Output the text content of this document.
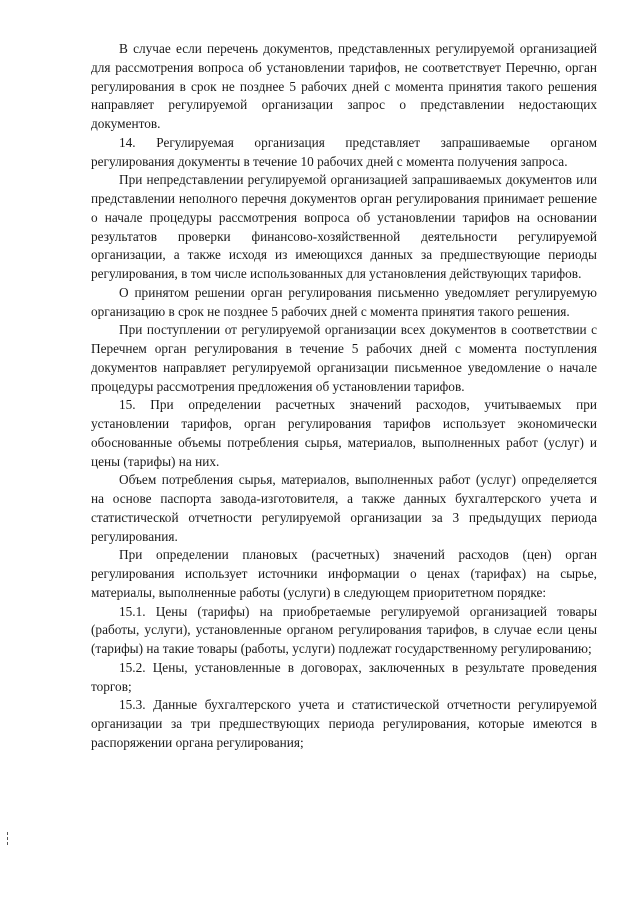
В случае если перечень документов, представленных регулируемой организацией для рассмотрения вопроса об установлении тарифов, не соответствует Перечню, орган регулирования в срок не позднее 5 рабочих дней с момента принятия такого решения направляет регулируемой организации запрос о представлении недостающих документов.

14. Регулируемая организация представляет запрашиваемые органом регулирования документы в течение 10 рабочих дней с момента получения запроса.

При непредставлении регулируемой организацией запрашиваемых документов или представлении неполного перечня документов орган регулирования принимает решение о начале процедуры рассмотрения вопроса об установлении тарифов на основании результатов проверки финансово-хозяйственной деятельности регулируемой организации, а также исходя из имеющихся данных за предшествующие периоды регулирования, в том числе использованных для установления действующих тарифов.

О принятом решении орган регулирования письменно уведомляет регулируемую организацию в срок не позднее 5 рабочих дней с момента принятия такого решения.

При поступлении от регулируемой организации всех документов в соответствии с Перечнем орган регулирования в течение 5 рабочих дней с момента поступления документов направляет регулируемой организации письменное уведомление о начале процедуры рассмотрения предложения об установлении тарифов.

15. При определении расчетных значений расходов, учитываемых при установлении тарифов, орган регулирования тарифов использует экономически обоснованные объемы потребления сырья, материалов, выполненных работ (услуг) и цены (тарифы) на них.

Объем потребления сырья, материалов, выполненных работ (услуг) определяется на основе паспорта завода-изготовителя, а также данных бухгалтерского учета и статистической отчетности регулируемой организации за 3 предыдущих периода регулирования.

При определении плановых (расчетных) значений расходов (цен) орган регулирования использует источники информации о ценах (тарифах) на сырье, материалы, выполненные работы (услуги) в следующем приоритетном порядке:

15.1. Цены (тарифы) на приобретаемые регулируемой организацией товары (работы, услуги), установленные органом регулирования тарифов, в случае если цены (тарифы) на такие товары (работы, услуги) подлежат государственному регулированию;

15.2. Цены, установленные в договорах, заключенных в результате проведения торгов;

15.3. Данные бухгалтерского учета и статистической отчетности регулируемой организации за три предшествующих периода регулирования, которые имеются в распоряжении органа регулирования;
